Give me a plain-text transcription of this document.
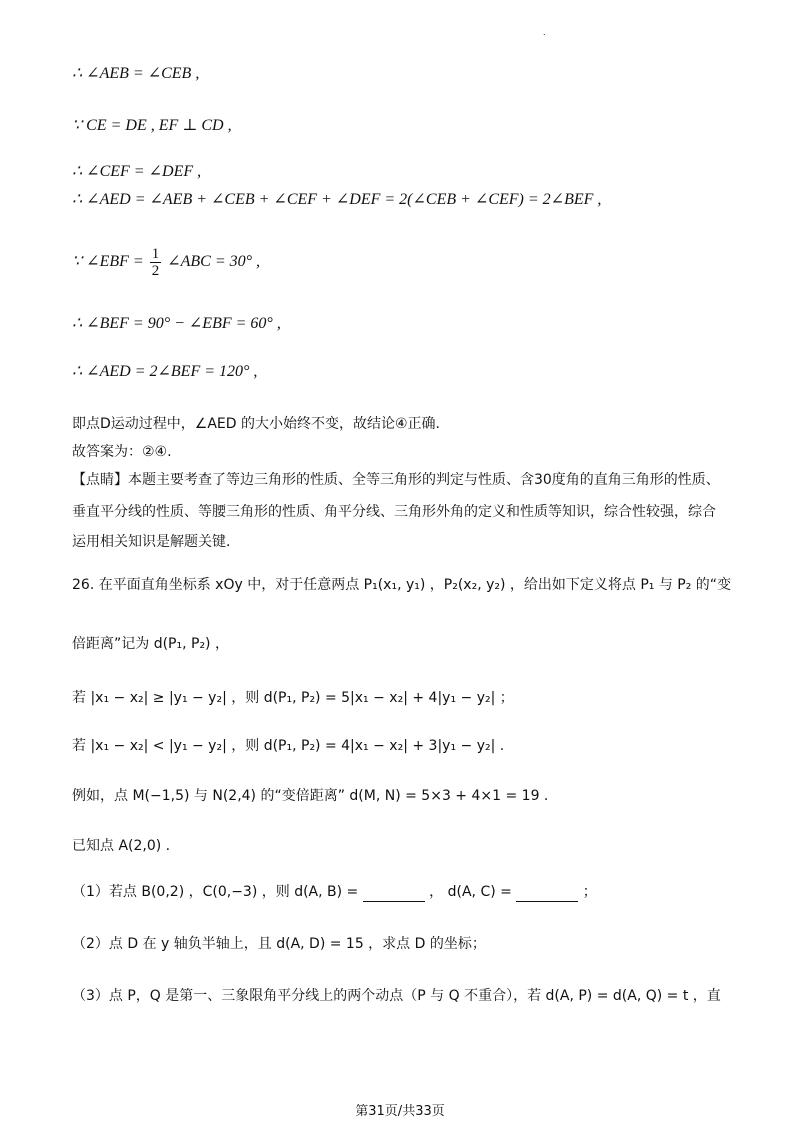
.
∴ ∠AEB = ∠CEB ,
∵ CE = DE , EF ⊥ CD ,
∴ ∠CEF = ∠DEF ,
∴ ∠AED = ∠AEB + ∠CEB + ∠CEF + ∠DEF = 2(∠CEB + ∠CEF) = 2∠BEF ,
∵ ∠EBF = $\frac{1}{2}$ ∠ABC = 30° ,
∴ ∠BEF = 90° − ∠EBF = 60° ,
∴ ∠AED = 2∠BEF = 120° ,
即点D运动过程中，∠AED 的大小始终不变，故结论④正确.
故答案为：②④.
【点睛】本题主要考查了等边三角形的性质、全等三角形的判定与性质、含30度角的直角三角形的性质、
垂直平分线的性质、等腰三角形的性质、角平分线、三角形外角的定义和性质等知识，综合性较强，综合
运用相关知识是解题关键.
26. 在平面直角坐标系 xOy 中，对于任意两点 P₁(x₁, y₁) ，P₂(x₂, y₂) ，给出如下定义将点 P₁ 与 P₂ 的“变
倍距离”记为 d(P₁, P₂) ，
若 |x₁ − x₂| ≥ |y₁ − y₂| ，则 d(P₁, P₂) = 5|x₁ − x₂| + 4|y₁ − y₂| ；
若 |x₁ − x₂| < |y₁ − y₂| ，则 d(P₁, P₂) = 4|x₁ − x₂| + 3|y₁ − y₂| .
例如，点 M(−1,5) 与 N(2,4) 的“变倍距离” d(M, N) = 5×3 + 4×1 = 19 .
已知点 A(2,0) .
（1）若点 B(0,2) ，C(0,−3) ，则 d(A, B) =	， d(A, C) =	；
（2）点 D 在 y 轴负半轴上，且 d(A, D) = 15 ，求点 D 的坐标；
（3）点 P，Q 是第一、三象限角平分线上的两个动点（P 与 Q 不重合），若 d(A, P) = d(A, Q) = t ，直
第31页/共33页
